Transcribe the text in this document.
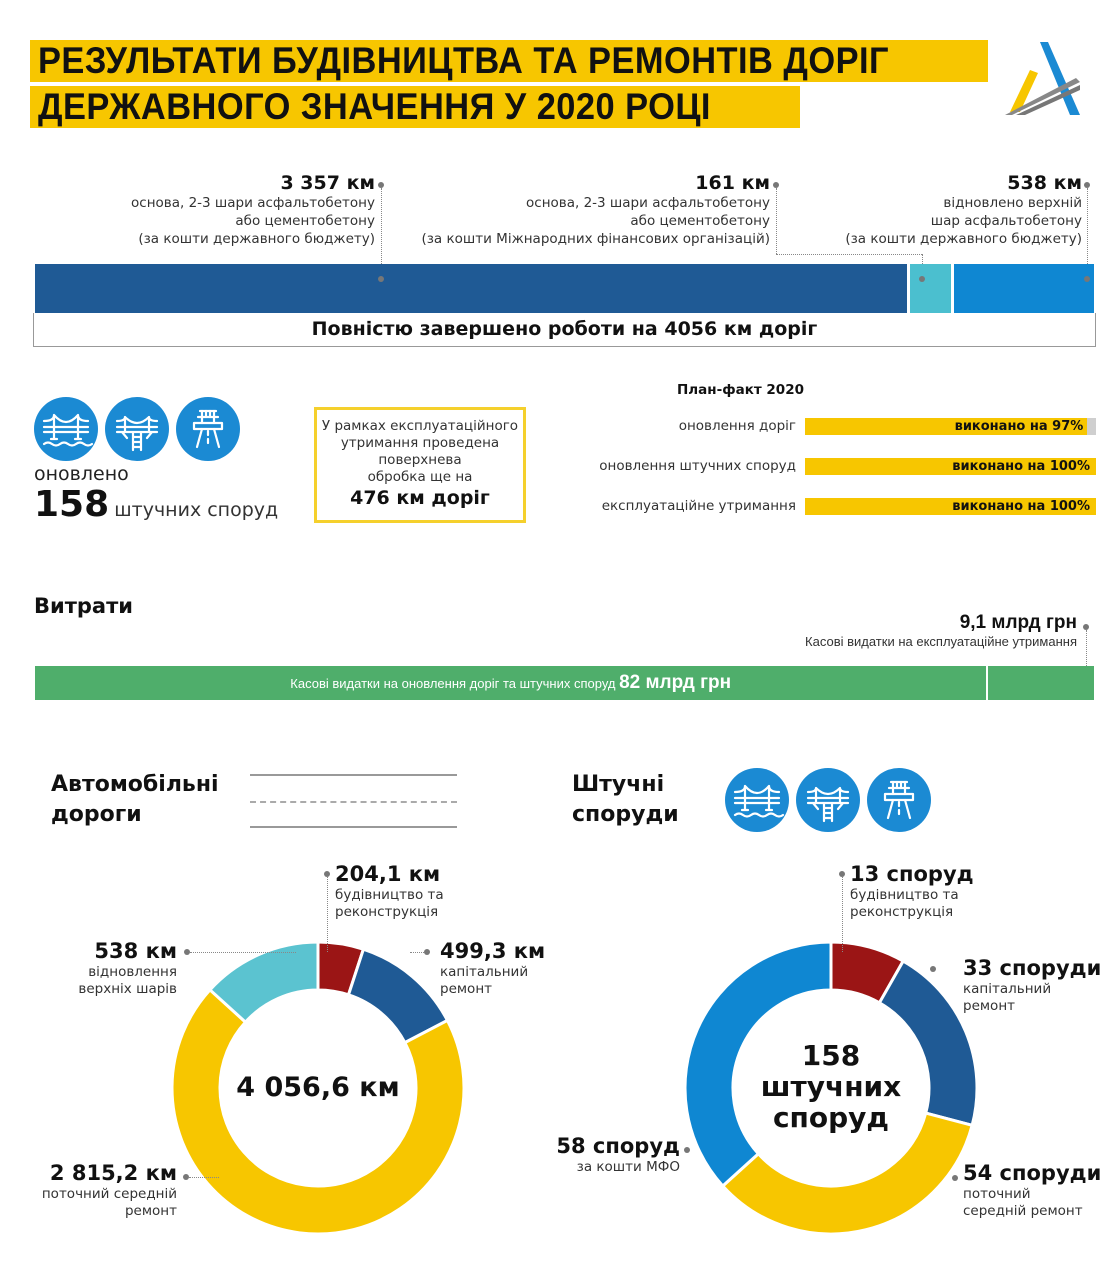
РЕЗУЛЬТАТИ БУДІВНИЦТВА ТА РЕМОНТІВ ДОРІГ
ДЕРЖАВНОГО ЗНАЧЕННЯ У 2020 РОЦІ
3 357 км
основа, 2-3 шари асфальтобетону
або цементобетону
(за кошти державного бюджету)
161 км
основа, 2-3 шари асфальтобетону
або цементобетону
(за кошти Міжнародних фінансових організацій)
538 км
відновлено верхній
шар асфальтобетону
(за кошти державного бюджету)
Повністю завершено роботи на 4056 км доріг
оновлено
158 штучних споруд
У рамках експлуатаційного
утримання проведена
поверхнева
обробка ще на
476 км доріг
План-факт 2020
оновлення доріг	виконано на 97%
оновлення штучних споруд	виконано на 100%
експлуатаційне утримання	виконано на 100%
Витрати
9,1 млрд грн
Касові видатки на експлуатаційне утримання
Касові видатки на оновлення доріг та штучних споруд 82 млрд грн
Автомобільні
дороги
4 056,6 км
204,1 км
будівництво та
реконструкція
538 км
відновлення
верхніх шарів
499,3 км
капітальний
ремонт
2 815,2 км
поточний середній
ремонт
Штучні
споруди
158
штучних
споруд
13 споруд
будівництво та
реконструкція
33 споруди
капітальний
ремонт
58 споруд
за кошти МФО	54 споруди
поточний
середній ремонт
